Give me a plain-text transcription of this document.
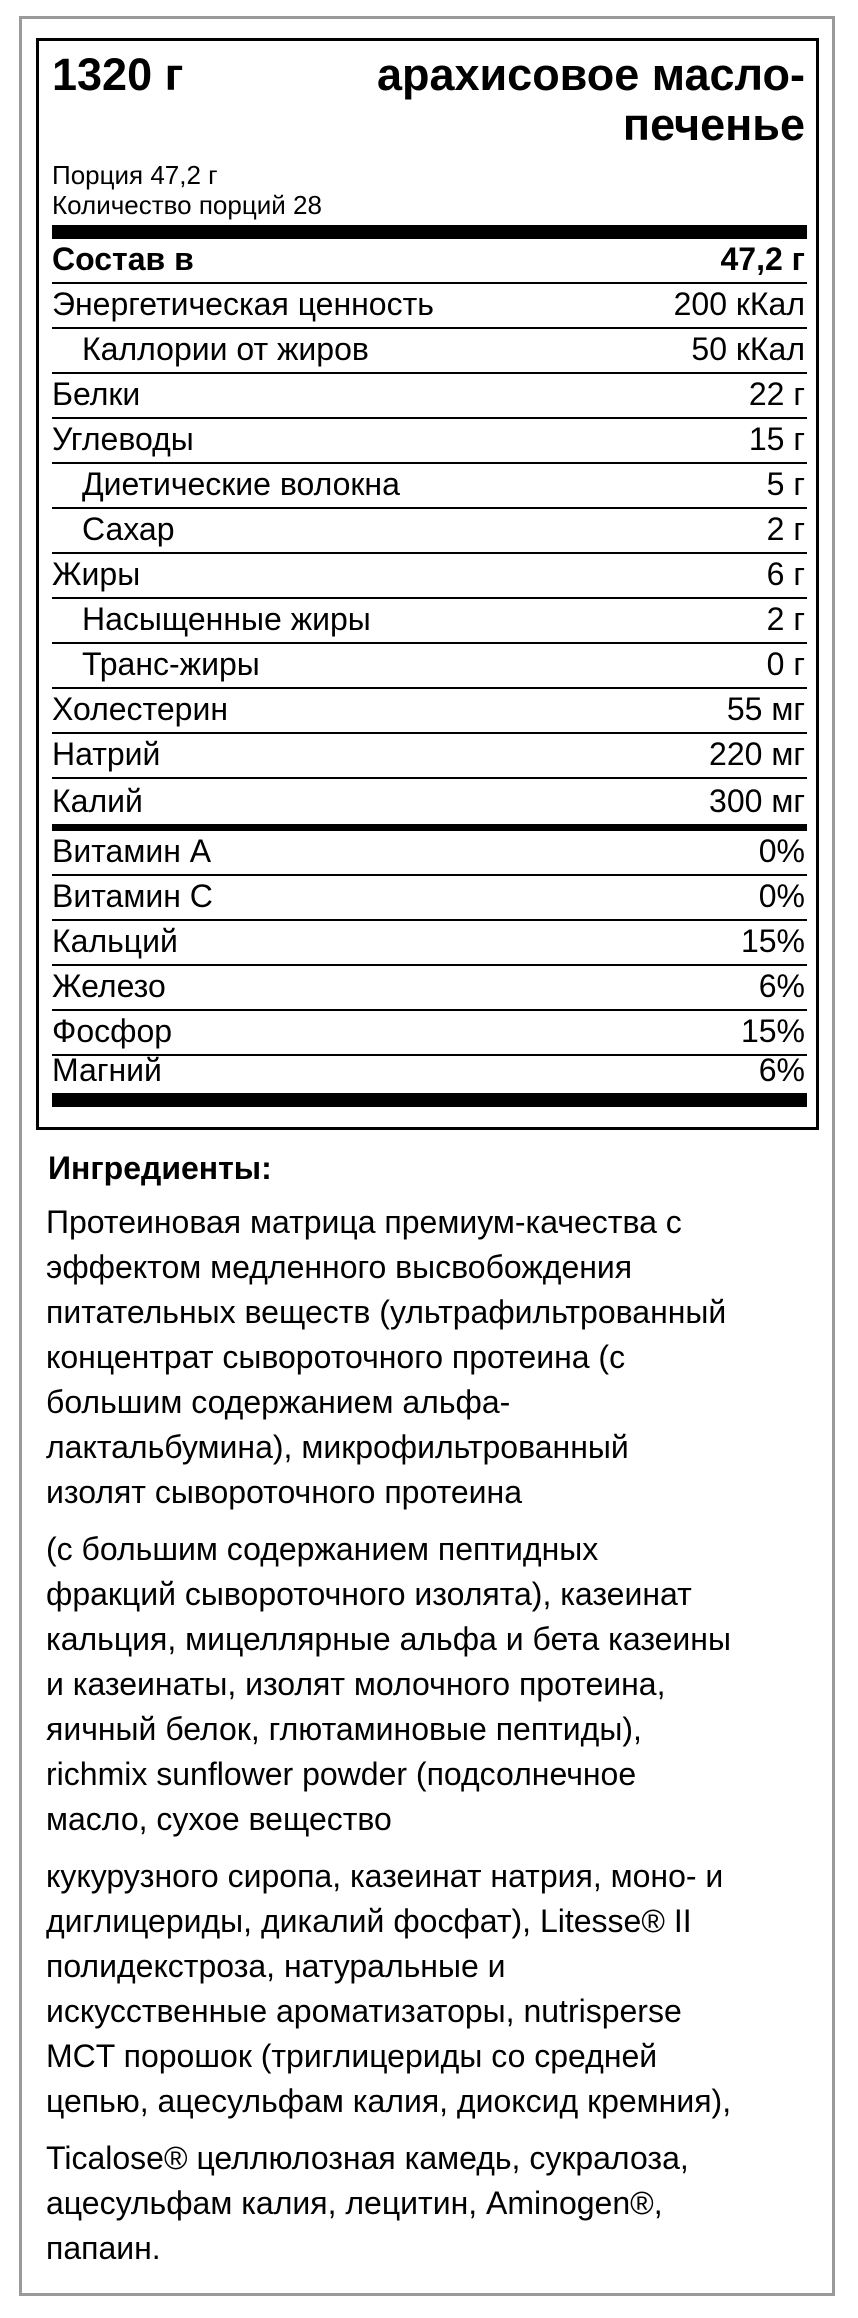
1320 г	арахисовое масло-
печенье
Порция 47,2 г
Количество порций 28
Состав в	47,2 г
Энергетическая ценность	200 кКал
Каллории от жиров	50 кКал
Белки	22 г
Углеводы	15 г
Диетические волокна	5 г
Сахар	2 г
Жиры	6 г
Насыщенные жиры	2 г
Транс-жиры	0 г
Холестерин	55 мг
Натрий	220 мг
Калий	300 мг
Витамин А	0%
Витамин С	0%
Кальций	15%
Железо	6%
Фосфор	15%
Магний	6%
Ингредиенты:
Протеиновая матрица премиум-качества с
эффектом медленного высвобождения
питательных веществ (ультрафильтрованный
концентрат сывороточного протеина (с
большим содержанием альфа-
лактальбумина), микрофильтрованный
изолят сывороточного протеина
(с большим содержанием пептидных
фракций сывороточного изолята), казеинат
кальция, мицеллярные альфа и бета казеины
и казеинаты, изолят молочного протеина,
яичный белок, глютаминовые пептиды),
richmix sunflower powder (подсолнечное
масло, сухое вещество
кукурузного сиропа, казеинат натрия, моно- и
диглицериды, дикалий фосфат), Litesse® II
полидекстроза, натуральные и
искусственные ароматизаторы, nutrisperse
MCT порошок (триглицериды со средней
цепью, ацесульфам калия, диоксид кремния),
Ticalose® целлюлозная камедь, сукралоза,
ацесульфам калия, лецитин, Aminogen®,
папаин.
